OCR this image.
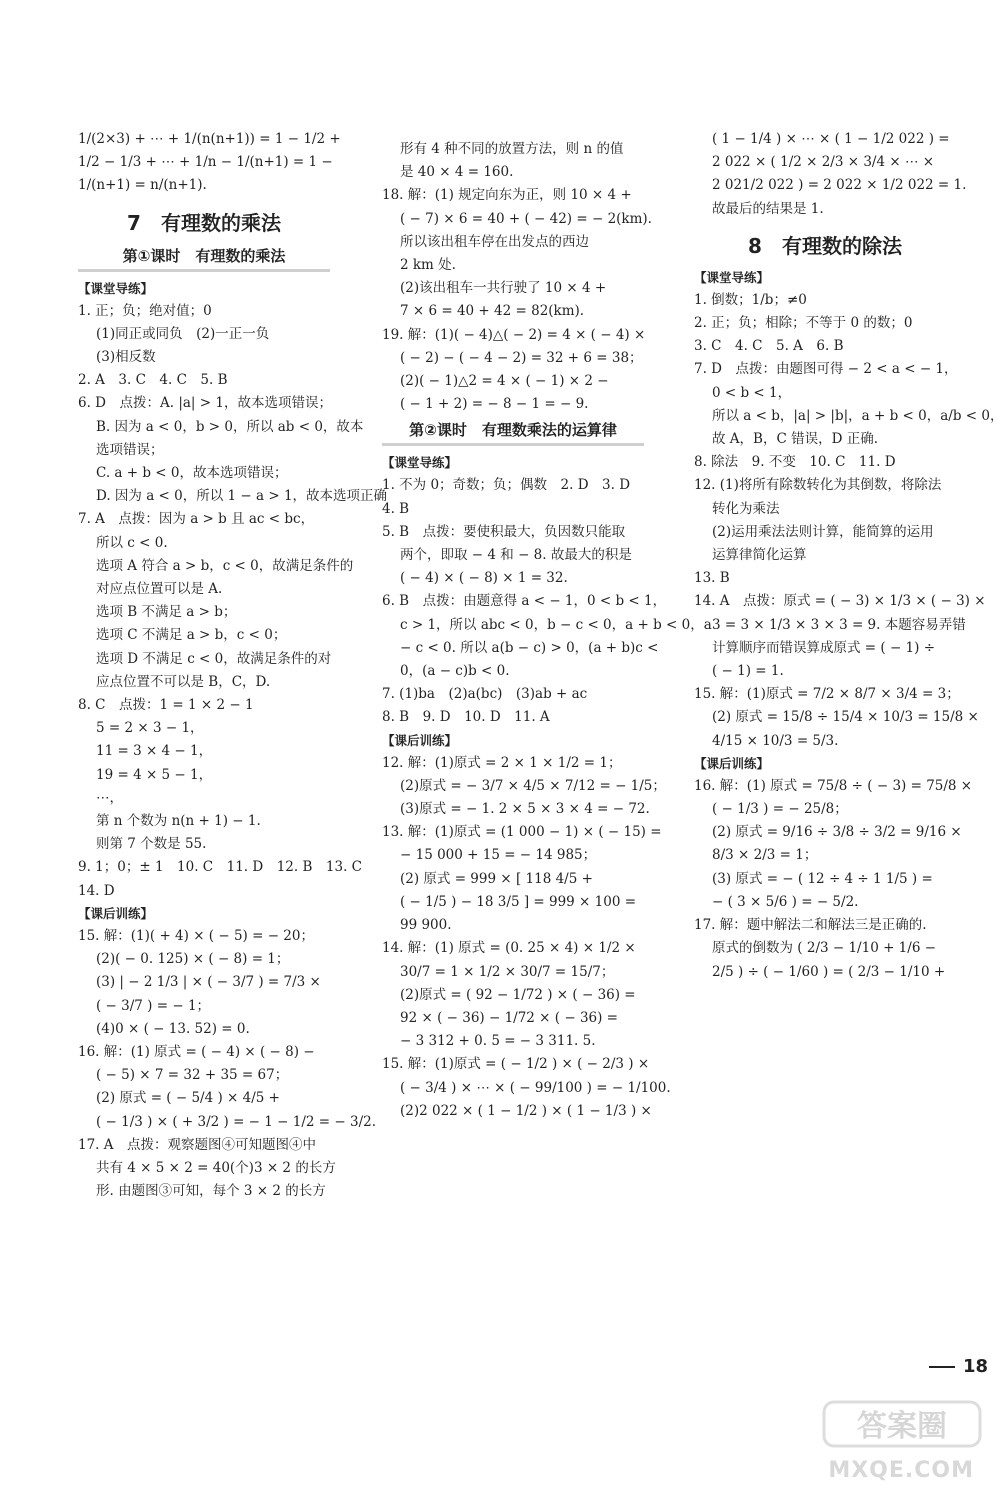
1/(2×3) + ⋯ + 1/(n(n+1)) = 1 − 1/2 +
1/2 − 1/3 + ⋯ + 1/n − 1/(n+1) = 1 −
1/(n+1) = n/(n+1).
7　有理数的乘法
第①课时　有理数的乘法
【课堂导练】
1. 正；负；绝对值；0
(1)同正或同负　(2)一正一负
(3)相反数
2. A　3. C　4. C　5. B
6. D　点拨：A. |a| > 1，故本选项错误；
B. 因为 a < 0，b > 0，所以 ab < 0，故本
选项错误；
C. a + b < 0，故本选项错误；
D. 因为 a < 0，所以 1 − a > 1，故本选项正确
7. A　点拨：因为 a > b 且 ac < bc，
所以 c < 0.
选项 A 符合 a > b，c < 0，故满足条件的
对应点位置可以是 A.
选项 B 不满足 a > b；
选项 C 不满足 a > b，c < 0；
选项 D 不满足 c < 0，故满足条件的对
应点位置不可以是 B，C，D.
8. C　点拨：1 = 1 × 2 − 1
5 = 2 × 3 − 1，
11 = 3 × 4 − 1，
19 = 4 × 5 − 1，
⋯，
第 n 个数为 n(n + 1) − 1.
则第 7 个数是 55.
9. 1；0；± 1　10. C　11. D　12. B　13. C
14. D
【课后训练】
15. 解：(1)( + 4) × ( − 5) = − 20；
(2)( − 0. 125) × ( − 8) = 1；
(3) | − 2 1/3 | × ( − 3/7 ) = 7/3 ×
( − 3/7 ) = − 1；
(4)0 × ( − 13. 52) = 0.
16. 解：(1) 原式 = ( − 4) × ( − 8) −
( − 5) × 7 = 32 + 35 = 67；
(2) 原式 = ( − 5/4 ) × 4/5 +
( − 1/3 ) × ( + 3/2 ) = − 1 − 1/2 = − 3/2.
17. A　点拨：观察题图④可知题图④中
共有 4 × 5 × 2 = 40(个)3 × 2 的长方
形. 由题图③可知，每个 3 × 2 的长方
形有 4 种不同的放置方法，则 n 的值
是 40 × 4 = 160.
18. 解：(1) 规定向东为正，则 10 × 4 +
( − 7) × 6 = 40 + ( − 42) = − 2(km).
所以该出租车停在出发点的西边
2 km 处.
(2)该出租车一共行驶了 10 × 4 +
7 × 6 = 40 + 42 = 82(km).
19. 解：(1)( − 4)△( − 2) = 4 × ( − 4) ×
( − 2) − ( − 4 − 2) = 32 + 6 = 38；
(2)( − 1)△2 = 4 × ( − 1) × 2 −
( − 1 + 2) = − 8 − 1 = − 9.
第②课时　有理数乘法的运算律
【课堂导练】
1. 不为 0；奇数；负；偶数　2. D　3. D
4. B
5. B　点拨：要使积最大，负因数只能取
两个，即取 − 4 和 − 8. 故最大的积是
( − 4) × ( − 8) × 1 = 32.
6. B　点拨：由题意得 a < − 1，0 < b < 1，
c > 1，所以 abc < 0，b − c < 0，a + b < 0，a
− c < 0. 所以 a(b − c) > 0，(a + b)c <
0，(a − c)b < 0.
7. (1)ba　(2)a(bc)　(3)ab + ac
8. B　9. D　10. D　11. A
【课后训练】
12. 解：(1)原式 = 2 × 1 × 1/2 = 1；
(2)原式 = − 3/7 × 4/5 × 7/12 = − 1/5；
(3)原式 = − 1. 2 × 5 × 3 × 4 = − 72.
13. 解：(1)原式 = (1 000 − 1) × ( − 15) =
− 15 000 + 15 = − 14 985；
(2) 原式 = 999 × [ 118 4/5 +
( − 1/5 ) − 18 3/5 ] = 999 × 100 =
99 900.
14. 解：(1) 原式 = (0. 25 × 4) × 1/2 ×
30/7 = 1 × 1/2 × 30/7 = 15/7；
(2)原式 = ( 92 − 1/72 ) × ( − 36) =
92 × ( − 36) − 1/72 × ( − 36) =
− 3 312 + 0. 5 = − 3 311. 5.
15. 解：(1)原式 = ( − 1/2 ) × ( − 2/3 ) ×
( − 3/4 ) × ⋯ × ( − 99/100 ) = − 1/100.
(2)2 022 × ( 1 − 1/2 ) × ( 1 − 1/3 ) ×
( 1 − 1/4 ) × ⋯ × ( 1 − 1/2 022 ) =
2 022 × ( 1/2 × 2/3 × 3/4 × ⋯ ×
2 021/2 022 ) = 2 022 × 1/2 022 = 1.
故最后的结果是 1.
8　有理数的除法
【课堂导练】
1. 倒数；1/b；≠0
2. 正；负；相除；不等于 0 的数；0
3. C　4. C　5. A　6. B
7. D　点拨：由题图可得 − 2 < a < − 1，
0 < b < 1，
所以 a < b，|a| > |b|，a + b < 0，a/b < 0，
故 A，B，C 错误，D 正确.
8. 除法　9. 不变　10. C　11. D
12. (1)将所有除数转化为其倒数，将除法
转化为乘法
(2)运用乘法法则计算，能简算的运用
运算律简化运算
13. B
14. A　点拨：原式 = ( − 3) × 1/3 × ( − 3) ×
3 = 3 × 1/3 × 3 × 3 = 9. 本题容易弄错
计算顺序而错误算成原式 = ( − 1) ÷
( − 1) = 1.
15. 解：(1)原式 = 7/2 × 8/7 × 3/4 = 3；
(2) 原式 = 15/8 ÷ 15/4 × 10/3 = 15/8 ×
4/15 × 10/3 = 5/3.
【课后训练】
16. 解：(1) 原式 = 75/8 ÷ ( − 3) = 75/8 ×
( − 1/3 ) = − 25/8；
(2) 原式 = 9/16 ÷ 3/8 ÷ 3/2 = 9/16 ×
8/3 × 2/3 = 1；
(3) 原式 = − ( 12 ÷ 4 ÷ 1 1/5 ) =
− ( 3 × 5/6 ) = − 5/2.
17. 解：题中解法二和解法三是正确的.
原式的倒数为 ( 2/3 − 1/10 + 1/6 −
2/5 ) ÷ ( − 1/60 ) = ( 2/3 − 1/10 +
18
答案圈
MXQE.COM
